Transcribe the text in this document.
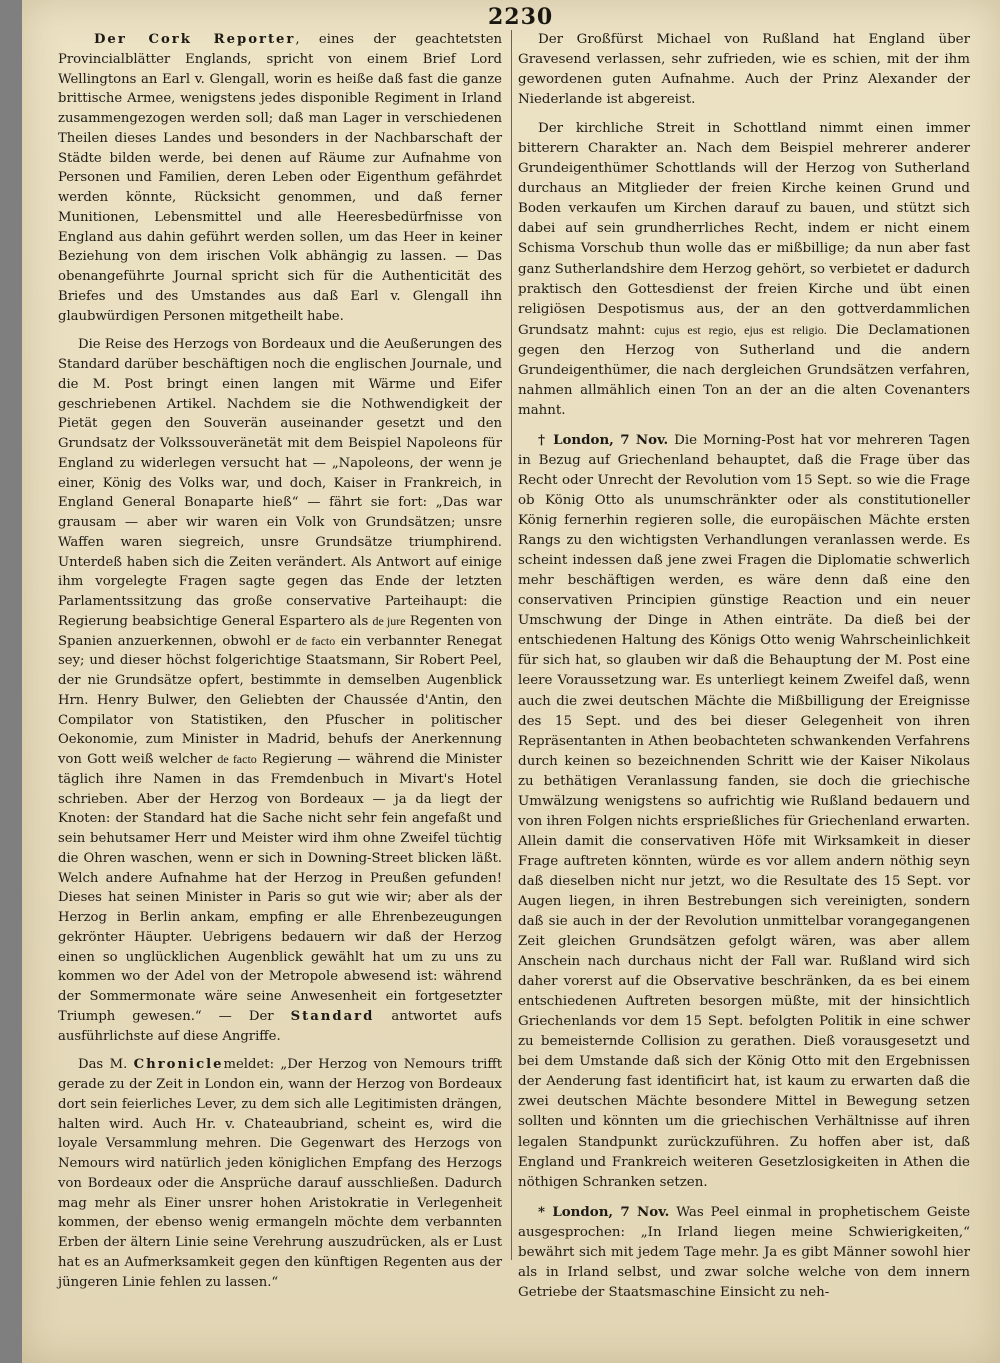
2230

Der Cork Reporter, eines der geachtetsten Provincialblätter Englands, spricht von einem Brief Lord Wellingtons an Earl v. Glengall, worin es heiße daß fast die ganze brittische Armee, wenigstens jedes disponible Regiment in Irland zusammengezogen werden soll; daß man Lager in verschiedenen Theilen dieses Landes und besonders in der Nachbarschaft der Städte bilden werde, bei denen auf Räume zur Aufnahme von Personen und Familien, deren Leben oder Eigenthum gefährdet werden könnte, Rücksicht genommen, und daß ferner Munitionen, Lebensmittel und alle Heeresbedürfnisse von England aus dahin geführt werden sollen, um das Heer in keiner Beziehung von dem irischen Volk abhängig zu lassen. — Das obenangeführte Journal spricht sich für die Authenticität des Briefes und des Umstandes aus daß Earl v. Glengall ihn glaubwürdigen Personen mitgetheilt habe.

Die Reise des Herzogs von Bordeaux und die Aeußerungen des Standard darüber beschäftigen noch die englischen Journale, und die M. Post bringt einen langen mit Wärme und Eifer geschriebenen Artikel. Nachdem sie die Nothwendigkeit der Pietät gegen den Souverän auseinander gesetzt und den Grundsatz der Volkssouveränetät mit dem Beispiel Napoleons für England zu widerlegen versucht hat — „Napoleons, der wenn je einer, König des Volks war, und doch, Kaiser in Frankreich, in England General Bonaparte hieß“ — fährt sie fort: „Das war grausam — aber wir waren ein Volk von Grundsätzen; unsre Waffen waren siegreich, unsre Grundsätze triumphirend. Unterdeß haben sich die Zeiten verändert. Als Antwort auf einige ihm vorgelegte Fragen sagte gegen das Ende der letzten Parlamentssitzung das große conservative Parteihaupt: die Regierung beabsichtige General Espartero als de jure Regenten von Spanien anzuerkennen, obwohl er de facto ein verbannter Renegat sey; und dieser höchst folgerichtige Staatsmann, Sir Robert Peel, der nie Grundsätze opfert, bestimmte in demselben Augenblick Hrn. Henry Bulwer, den Geliebten der Chaussée d'Antin, den Compilator von Statistiken, den Pfuscher in politischer Oekonomie, zum Minister in Madrid, behufs der Anerkennung von Gott weiß welcher de facto Regierung — während die Minister täglich ihre Namen in das Fremdenbuch in Mivart's Hotel schrieben. Aber der Herzog von Bordeaux — ja da liegt der Knoten: der Standard hat die Sache nicht sehr fein angefaßt und sein behutsamer Herr und Meister wird ihm ohne Zweifel tüchtig die Ohren waschen, wenn er sich in Downing-Street blicken läßt. Welch andere Aufnahme hat der Herzog in Preußen gefunden! Dieses hat seinen Minister in Paris so gut wie wir; aber als der Herzog in Berlin ankam, empfing er alle Ehrenbezeugungen gekrönter Häupter. Uebrigens bedauern wir daß der Herzog einen so unglücklichen Augenblick gewählt hat um zu uns zu kommen wo der Adel von der Metropole abwesend ist: während der Sommermonate wäre seine Anwesenheit ein fortgesetzter Triumph gewesen.“ — Der Standard antwortet aufs ausführlichste auf diese Angriffe.

Das M. Chroniclemeldet: „Der Herzog von Nemours trifft gerade zu der Zeit in London ein, wann der Herzog von Bordeaux dort sein feierliches Lever, zu dem sich alle Legitimisten drängen, halten wird. Auch Hr. v. Chateaubriand, scheint es, wird die loyale Versammlung mehren. Die Gegenwart des Herzogs von Nemours wird natürlich jeden königlichen Empfang des Herzogs von Bordeaux oder die Ansprüche darauf ausschließen. Dadurch mag mehr als Einer unsrer hohen Aristokratie in Verlegenheit kommen, der ebenso wenig ermangeln möchte dem verbannten Erben der ältern Linie seine Verehrung auszudrücken, als er Lust hat es an Aufmerksamkeit gegen den künftigen Regenten aus der jüngeren Linie fehlen zu lassen.“

Der Großfürst Michael von Rußland hat England über Gravesend verlassen, sehr zufrieden, wie es schien, mit der ihm gewordenen guten Aufnahme. Auch der Prinz Alexander der Niederlande ist abgereist.

Der kirchliche Streit in Schottland nimmt einen immer bitterern Charakter an. Nach dem Beispiel mehrerer anderer Grundeigenthümer Schottlands will der Herzog von Sutherland durchaus an Mitglieder der freien Kirche keinen Grund und Boden verkaufen um Kirchen darauf zu bauen, und stützt sich dabei auf sein grundherrliches Recht, indem er nicht einem Schisma Vorschub thun wolle das er mißbillige; da nun aber fast ganz Sutherlandshire dem Herzog gehört, so verbietet er dadurch praktisch den Gottesdienst der freien Kirche und übt einen religiösen Despotismus aus, der an den gottverdammlichen Grundsatz mahnt: cujus est regio, ejus est religio. Die Declamationen gegen den Herzog von Sutherland und die andern Grundeigenthümer, die nach dergleichen Grundsätzen verfahren, nahmen allmählich einen Ton an der an die alten Covenanters mahnt.

† London, 7 Nov. Die Morning-Post hat vor mehreren Tagen in Bezug auf Griechenland behauptet, daß die Frage über das Recht oder Unrecht der Revolution vom 15 Sept. so wie die Frage ob König Otto als unumschränkter oder als constitutioneller König fernerhin regieren solle, die europäischen Mächte ersten Rangs zu den wichtigsten Verhandlungen veranlassen werde. Es scheint indessen daß jene zwei Fragen die Diplomatie schwerlich mehr beschäftigen werden, es wäre denn daß eine den conservativen Principien günstige Reaction und ein neuer Umschwung der Dinge in Athen einträte. Da dieß bei der entschiedenen Haltung des Königs Otto wenig Wahrscheinlichkeit für sich hat, so glauben wir daß die Behauptung der M. Post eine leere Voraussetzung war. Es unterliegt keinem Zweifel daß, wenn auch die zwei deutschen Mächte die Mißbilligung der Ereignisse des 15 Sept. und des bei dieser Gelegenheit von ihren Repräsentanten in Athen beobachteten schwankenden Verfahrens durch keinen so bezeichnenden Schritt wie der Kaiser Nikolaus zu bethätigen Veranlassung fanden, sie doch die griechische Umwälzung wenigstens so aufrichtig wie Rußland bedauern und von ihren Folgen nichts ersprießliches für Griechenland erwarten. Allein damit die conservativen Höfe mit Wirksamkeit in dieser Frage auftreten könnten, würde es vor allem andern nöthig seyn daß dieselben nicht nur jetzt, wo die Resultate des 15 Sept. vor Augen liegen, in ihren Bestrebungen sich vereinigten, sondern daß sie auch in der der Revolution unmittelbar vorangegangenen Zeit gleichen Grundsätzen gefolgt wären, was aber allem Anschein nach durchaus nicht der Fall war. Rußland wird sich daher vorerst auf die Observative beschränken, da es bei einem entschiedenen Auftreten besorgen müßte, mit der hinsichtlich Griechenlands vor dem 15 Sept. befolgten Politik in eine schwer zu bemeisternde Collision zu gerathen. Dieß vorausgesetzt und bei dem Umstande daß sich der König Otto mit den Ergebnissen der Aenderung fast identificirt hat, ist kaum zu erwarten daß die zwei deutschen Mächte besondere Mittel in Bewegung setzen sollten und könnten um die griechischen Verhältnisse auf ihren legalen Standpunkt zurückzuführen. Zu hoffen aber ist, daß England und Frankreich weiteren Gesetzlosigkeiten in Athen die nöthigen Schranken setzen.

* London, 7 Nov. Was Peel einmal in prophetischem Geiste ausgesprochen: „In Irland liegen meine Schwierigkeiten,“ bewährt sich mit jedem Tage mehr. Ja es gibt Männer sowohl hier als in Irland selbst, und zwar solche welche von dem innern Getriebe der Staatsmaschine Einsicht zu neh-
